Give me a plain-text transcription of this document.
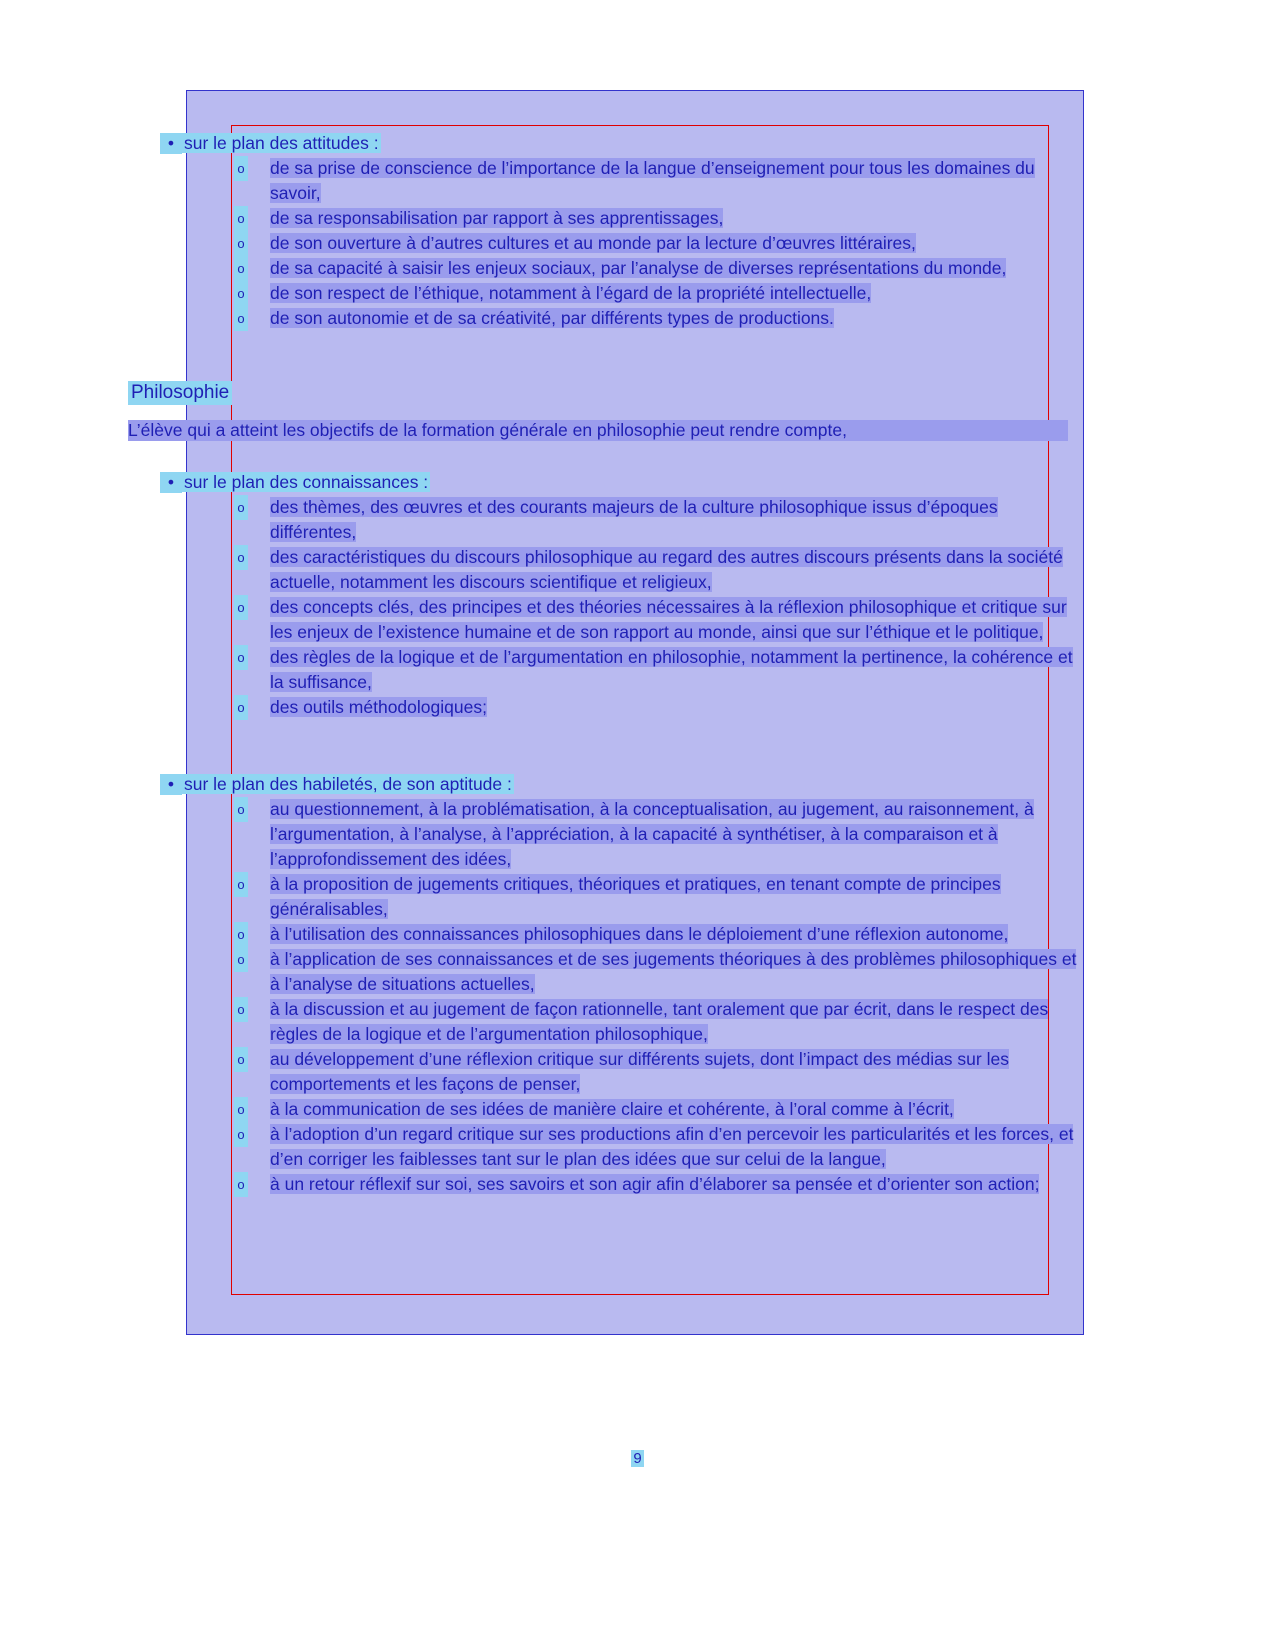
• sur le plan des attitudes :
o de sa prise de conscience de l’importance de la langue d’enseignement pour tous les domaines du savoir,
o de sa responsabilisation par rapport à ses apprentissages,
o de son ouverture à d’autres cultures et au monde par la lecture d’œuvres littéraires,
o de sa capacité à saisir les enjeux sociaux, par l’analyse de diverses représentations du monde,
o de son respect de l’éthique, notamment à l’égard de la propriété intellectuelle,
o de son autonomie et de sa créativité, par différents types de productions.
Philosophie
L’élève qui a atteint les objectifs de la formation générale en philosophie peut rendre compte,
• sur le plan des connaissances :
o des thèmes, des œuvres et des courants majeurs de la culture philosophique issus d’époques différentes,
o des caractéristiques du discours philosophique au regard des autres discours présents dans la société actuelle, notamment les discours scientifique et religieux,
o des concepts clés, des principes et des théories nécessaires à la réflexion philosophique et critique sur les enjeux de l’existence humaine et de son rapport au monde, ainsi que sur l’éthique et le politique,
o des règles de la logique et de l’argumentation en philosophie, notamment la pertinence, la cohérence et la suffisance,
o des outils méthodologiques;
• sur le plan des habiletés, de son aptitude :
o au questionnement, à la problématisation, à la conceptualisation, au jugement, au raisonnement, à l’argumentation, à l’analyse, à l’appréciation, à la capacité à synthétiser, à la comparaison et à l’approfondissement des idées,
o à la proposition de jugements critiques, théoriques et pratiques, en tenant compte de principes généralisables,
o à l’utilisation des connaissances philosophiques dans le déploiement d’une réflexion autonome,
o à l’application de ses connaissances et de ses jugements théoriques à des problèmes philosophiques et à l’analyse de situations actuelles,
o à la discussion et au jugement de façon rationnelle, tant oralement que par écrit, dans le respect des règles de la logique et de l’argumentation philosophique,
o au développement d’une réflexion critique sur différents sujets, dont l’impact des médias sur les comportements et les façons de penser,
o à la communication de ses idées de manière claire et cohérente, à l’oral comme à l’écrit,
o à l’adoption d’un regard critique sur ses productions afin d’en percevoir les particularités et les forces, et d’en corriger les faiblesses tant sur le plan des idées que sur celui de la langue,
o à un retour réflexif sur soi, ses savoirs et son agir afin d’élaborer sa pensée et d’orienter son action;
9
